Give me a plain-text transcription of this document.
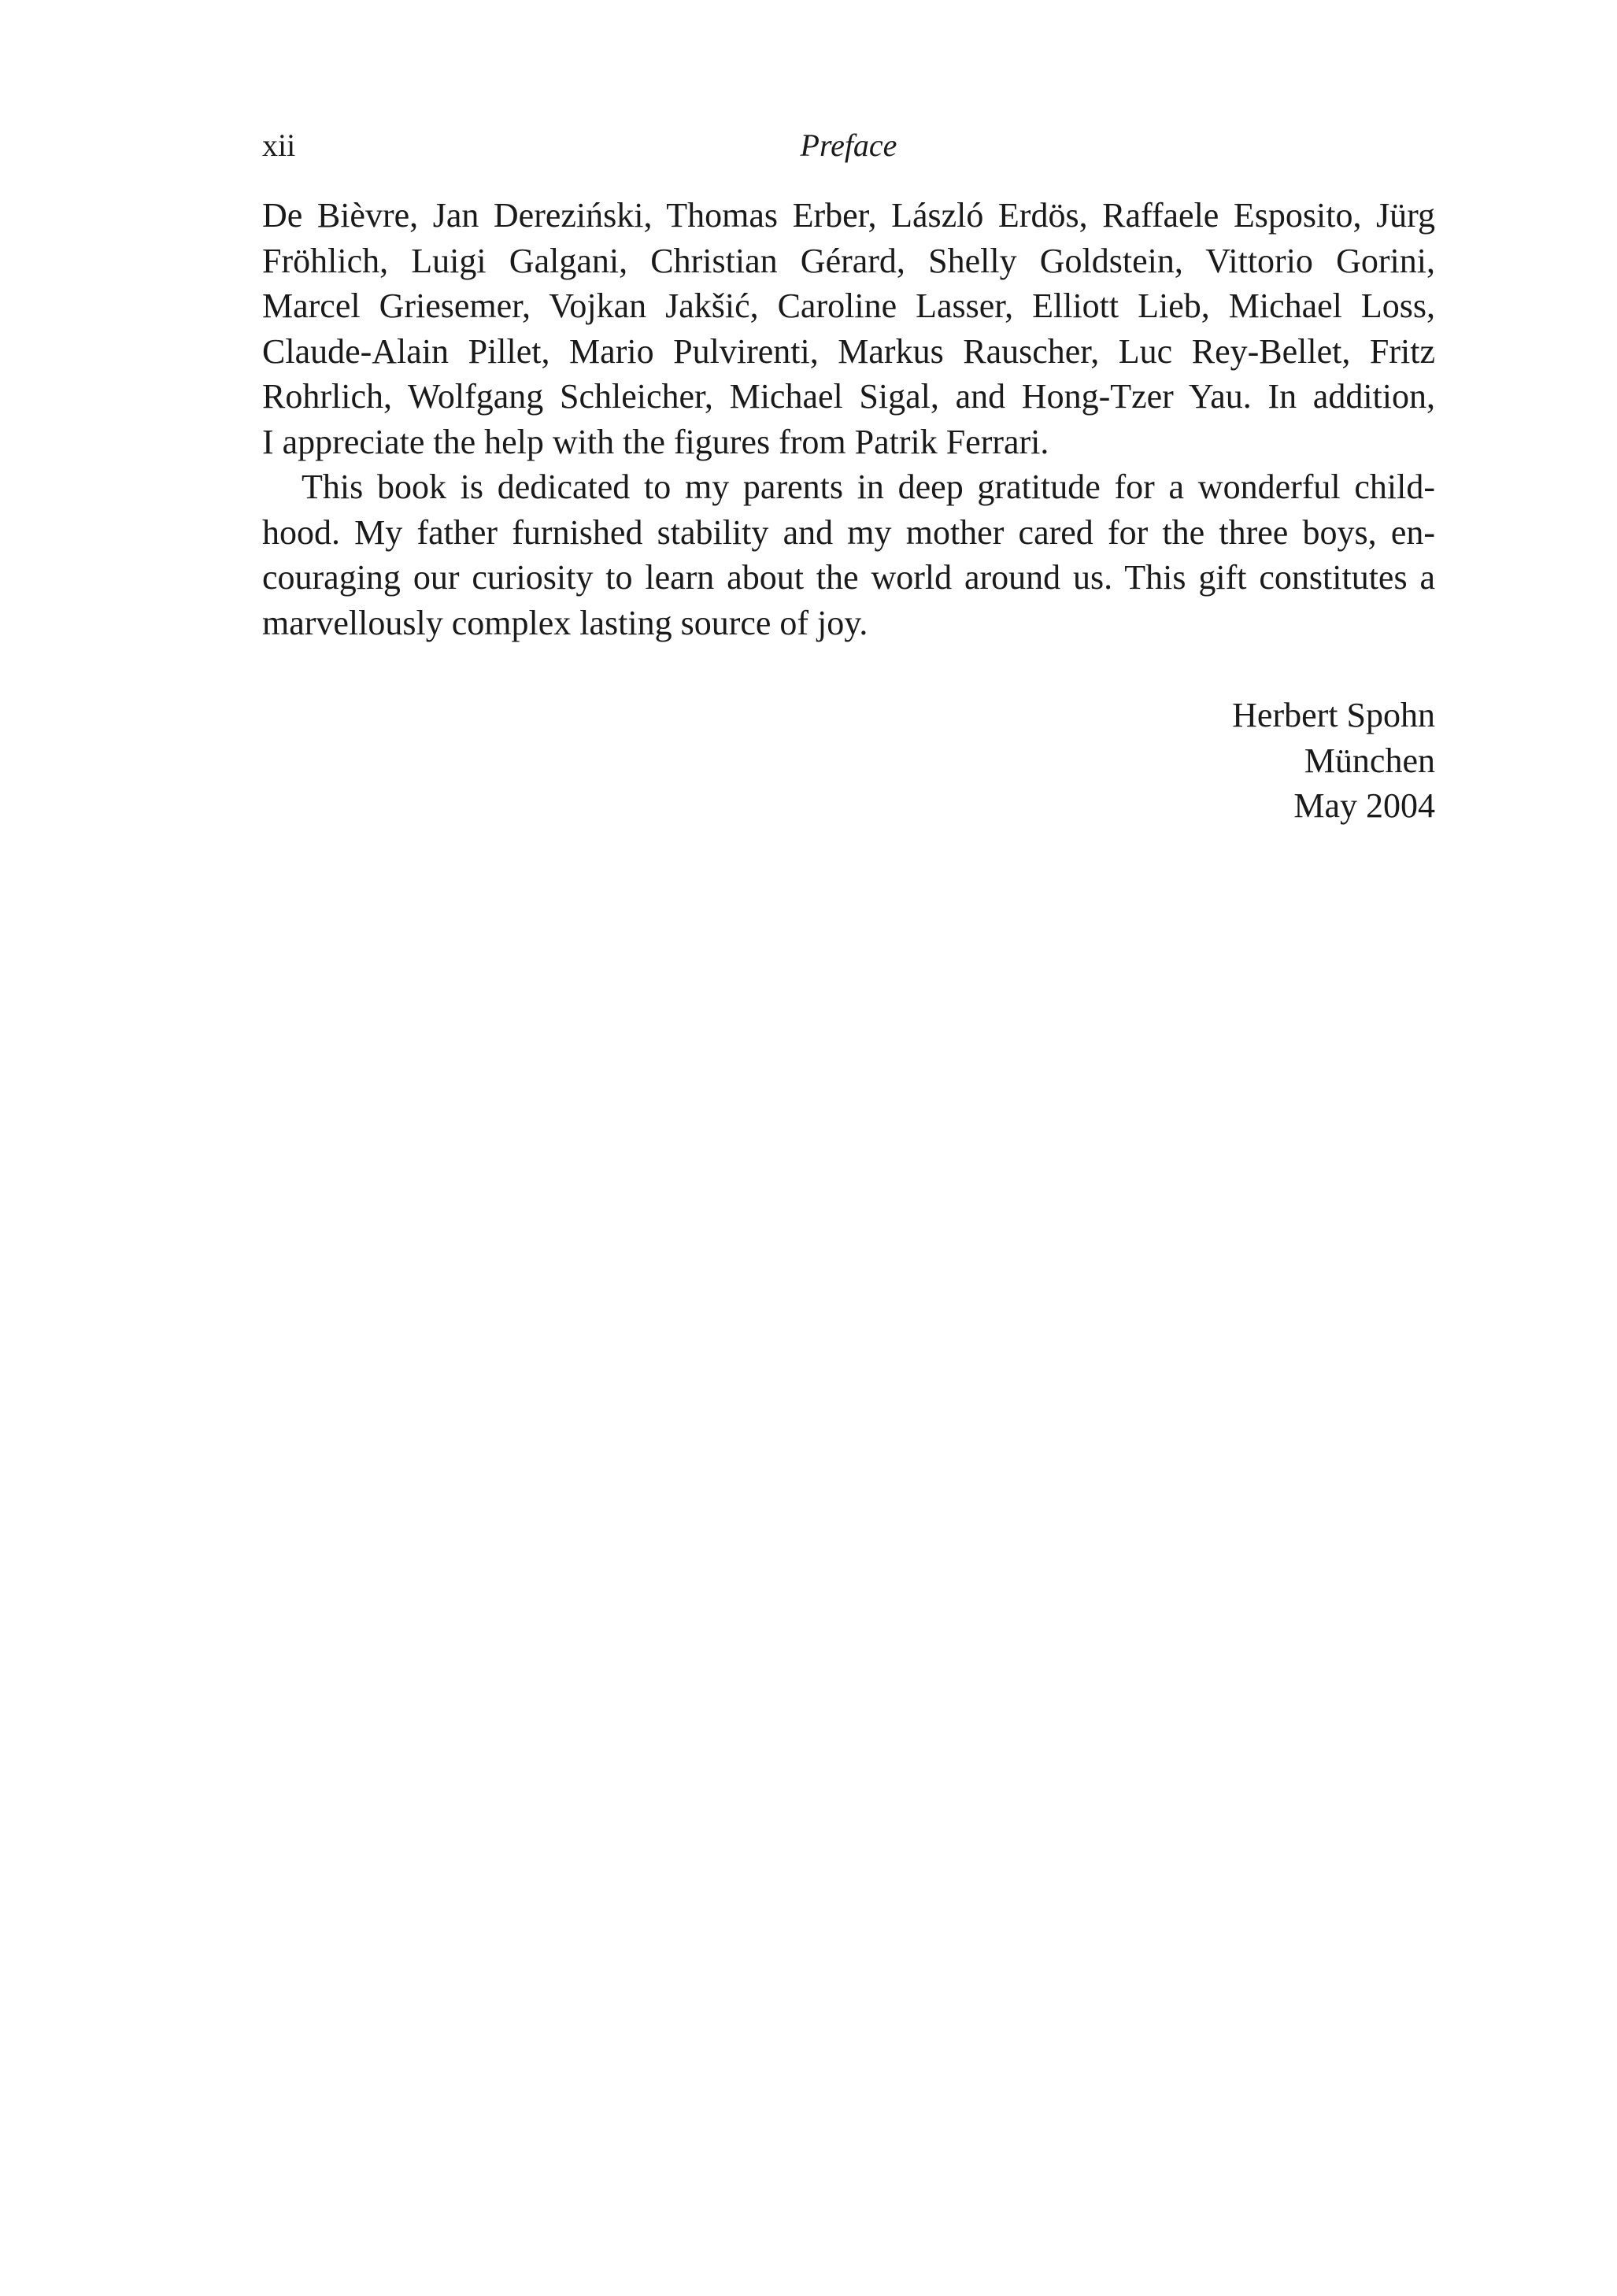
xii	Preface

De Bièvre, Jan Dereziński, Thomas Erber, László Erdös, Raffaele Esposito, Jürg
Fröhlich, Luigi Galgani, Christian Gérard, Shelly Goldstein, Vittorio Gorini,
Marcel Griesemer, Vojkan Jakšić, Caroline Lasser, Elliott Lieb, Michael Loss,
Claude-Alain Pillet, Mario Pulvirenti, Markus Rauscher, Luc Rey-Bellet, Fritz
Rohrlich, Wolfgang Schleicher, Michael Sigal, and Hong-Tzer Yau. In addition,
I appreciate the help with the figures from Patrik Ferrari.

This book is dedicated to my parents in deep gratitude for a wonderful child-
hood. My father furnished stability and my mother cared for the three boys, en-
couraging our curiosity to learn about the world around us. This gift constitutes a
marvellously complex lasting source of joy.

Herbert Spohn
München
May 2004
